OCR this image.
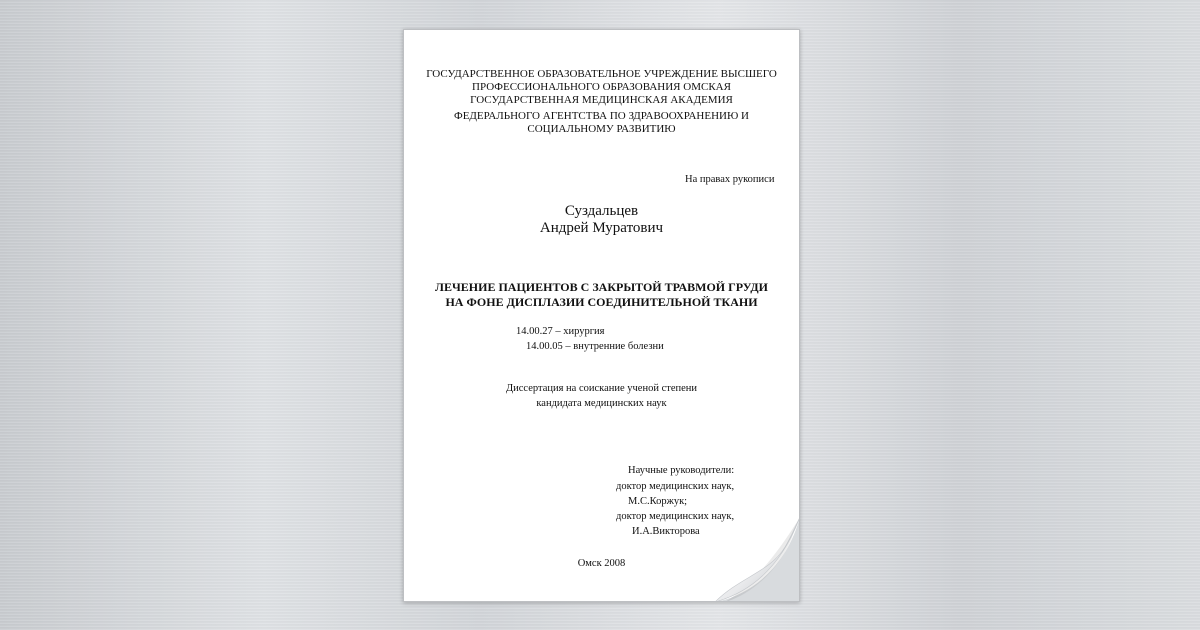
ГОСУДАРСТВЕННОЕ ОБРАЗОВАТЕЛЬНОЕ УЧРЕЖДЕНИЕ ВЫСШЕГО
ПРОФЕССИОНАЛЬНОГО ОБРАЗОВАНИЯ ОМСКАЯ
ГОСУДАРСТВЕННАЯ МЕДИЦИНСКАЯ АКАДЕМИЯ
ФЕДЕРАЛЬНОГО АГЕНТСТВА ПО ЗДРАВООХРАНЕНИЮ И
СОЦИАЛЬНОМУ РАЗВИТИЮ
На правах рукописи
Суздальцев
Андрей Муратович
ЛЕЧЕНИЕ ПАЦИЕНТОВ С ЗАКРЫТОЙ ТРАВМОЙ ГРУДИ
НА ФОНЕ ДИСПЛАЗИИ СОЕДИНИТЕЛЬНОЙ ТКАНИ
14.00.27 – хирургия
14.00.05 – внутренние болезни
Диссертация на соискание ученой степени
кандидата медицинских наук
Научные руководители:
доктор медицинских наук,
М.С.Коржук;
доктор медицинских наук,
И.А.Викторова
Омск 2008
